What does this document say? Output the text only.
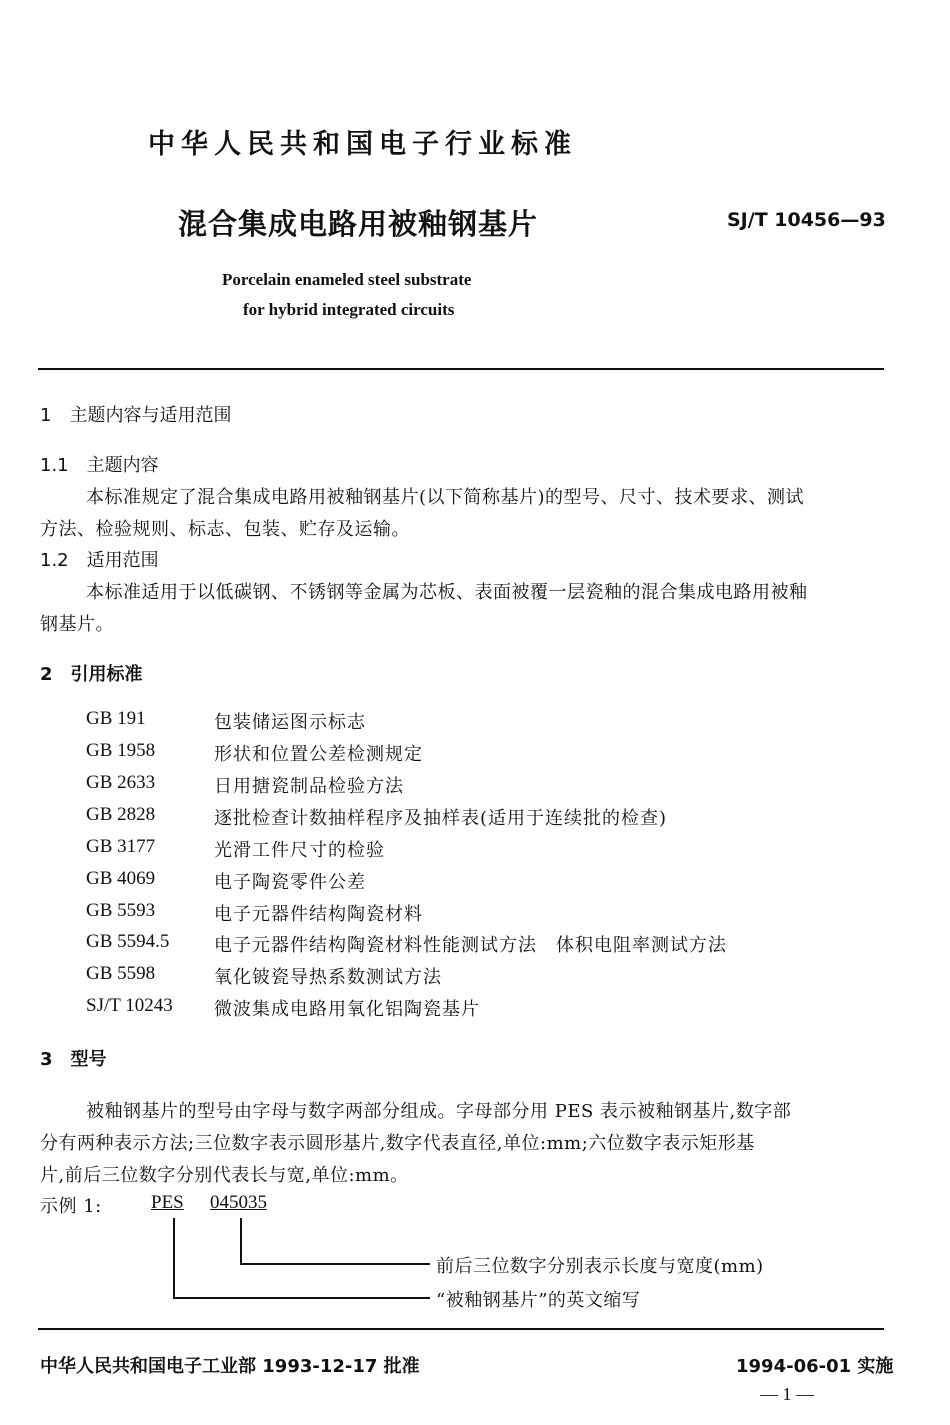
中华人民共和国电子行业标准
混合集成电路用被釉钢基片	SJ/T 10456—93
Porcelain enameled steel substrate
for hybrid integrated circuits
1　主题内容与适用范围
1.1　主题内容
本标准规定了混合集成电路用被釉钢基片(以下简称基片)的型号、尺寸、技术要求、测试
方法、检验规则、标志、包装、贮存及运输。
1.2　适用范围
本标准适用于以低碳钢、不锈钢等金属为芯板、表面被覆一层瓷釉的混合集成电路用被釉
钢基片。
2　引用标准
GB 191	包装储运图示标志
GB 1958	形状和位置公差检测规定
GB 2633	日用搪瓷制品检验方法
GB 2828	逐批检查计数抽样程序及抽样表(适用于连续批的检查)
GB 3177	光滑工件尺寸的检验
GB 4069	电子陶瓷零件公差
GB 5593	电子元器件结构陶瓷材料
GB 5594.5 电子元器件结构陶瓷材料性能测试方法　体积电阻率测试方法
GB 5598	氧化铍瓷导热系数测试方法
SJ/T 10243 微波集成电路用氧化铝陶瓷基片
3　型号
被釉钢基片的型号由字母与数字两部分组成。字母部分用 PES 表示被釉钢基片,数字部
分有两种表示方法;三位数字表示圆形基片,数字代表直径,单位:mm;六位数字表示矩形基
片,前后三位数字分别代表长与宽,单位:mm。
示例 1:	PES 045035
前后三位数字分别表示长度与宽度(mm)
“被釉钢基片”的英文缩写
中华人民共和国电子工业部 1993-12-17 批准	1994-06-01 实施
— 1 —
